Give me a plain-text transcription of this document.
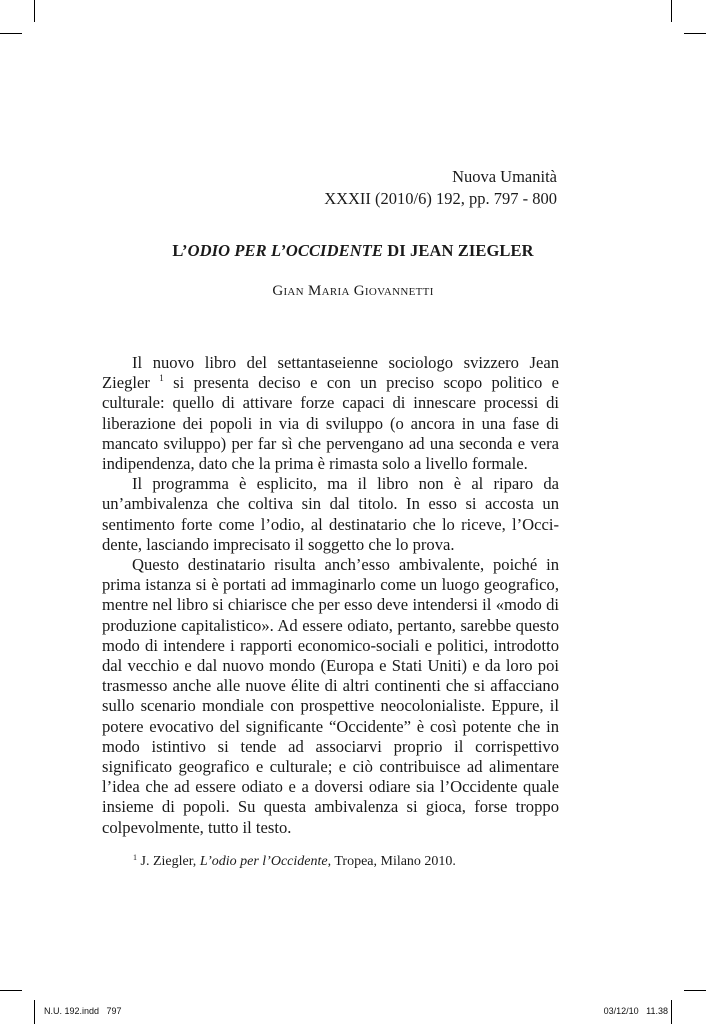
Nuova Umanità
XXXII (2010/6) 192, pp. 797 - 800
L’ODIO PER L’OCCIDENTE DI JEAN ZIEGLER
Gian Maria Giovannetti

Il nuovo libro del settantaseienne sociologo svizzero Jean Ziegler $^1$ si presenta deciso e con un preciso scopo politico e culturale: quello di attivare forze capaci di innescare processi di liberazione dei popoli in via di sviluppo (o ancora in una fase di mancato sviluppo) per far sì che pervengano ad una seconda e vera indipendenza, dato che la prima è rimasta solo a livello formale.

Il programma è esplicito, ma il libro non è al riparo da un’ambivalenza che coltiva sin dal titolo. In esso si accosta un sentimento forte come l’odio, al destinatario che lo riceve, l’Occidente, lasciando imprecisato il soggetto che lo prova.

Questo destinatario risulta anch’esso ambivalente, poiché in prima istanza si è portati ad immaginarlo come un luogo geografico, mentre nel libro si chiarisce che per esso deve intendersi il «modo di produzione capitalistico». Ad essere odiato, pertanto, sarebbe questo modo di intendere i rapporti economico-sociali e politici, introdotto dal vecchio e dal nuovo mondo (Europa e Stati Uniti) e da loro poi trasmesso anche alle nuove élite di altri continenti che si affacciano sullo scenario mondiale con prospettive neocolonialiste. Eppure, il potere evocativo del significante “Occidente” è così potente che in modo istintivo si tende ad associarvi proprio il corrispettivo significato geografico e culturale; e ciò contribuisce ad alimentare l’idea che ad essere odiato e a doversi odiare sia l’Occidente quale insieme di popoli. Su questa ambivalenza si gioca, forse troppo colpevolmente, tutto il testo.

$^1$ J. Ziegler, L’odio per l’Occidente, Tropea, Milano 2010.
N.U. 192.indd   797	03/12/10   11.38
